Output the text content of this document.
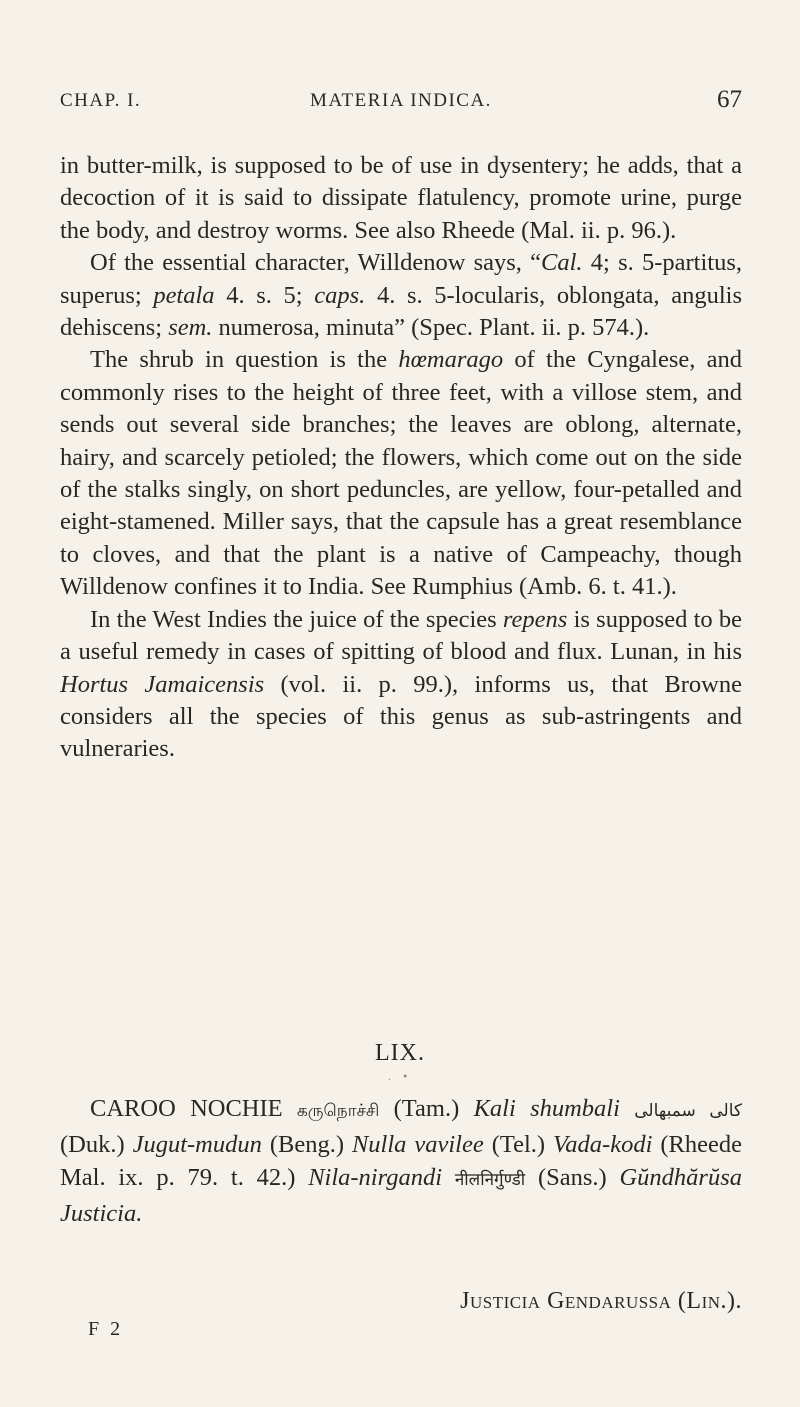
CHAP. I.	MATERIA INDICA.	67

in butter-milk, is supposed to be of use in dysentery; he adds, that a decoction of it is said to dissipate flatulency, promote urine, purge the body, and destroy worms. See also Rheede (Mal. ii. p. 96.).

Of the essential character, Willdenow says, “Cal. 4; s. 5-partitus, superus; petala 4. s. 5; caps. 4. s. 5-locularis, oblongata, angulis dehiscens; sem. numerosa, minuta” (Spec. Plant. ii. p. 574.).

The shrub in question is the hœmarago of the Cyngalese, and commonly rises to the height of three feet, with a villose stem, and sends out several side branches; the leaves are oblong, alternate, hairy, and scarcely petioled; the flowers, which come out on the side of the stalks singly, on short peduncles, are yellow, four-petalled and eight-stamened. Miller says, that the capsule has a great resemblance to cloves, and that the plant is a native of Campeachy, though Willdenow confines it to India. See Rumphius (Amb. 6. t. 41.).

In the West Indies the juice of the species repens is supposed to be a useful remedy in cases of spitting of blood and flux. Lunan, in his Hortus Jamaicensis (vol. ii. p. 99.), informs us, that Browne considers all the species of this genus as sub-astringents and vulneraries.

LIX.
. •

CAROO NOCHIE கருநொச்சி (Tam.) Kali shumbali کالی سمبھالی (Duk.) Jugut-mudun (Beng.) Nulla vavilee (Tel.) Vada-kodi (Rheede Mal. ix. p. 79. t. 42.) Nila-nirgandi नीलनिर्गुण्डी (Sans.) Gŭndhărŭsa Justicia.

Justicia Gendarussa (Lin.).
F 2
